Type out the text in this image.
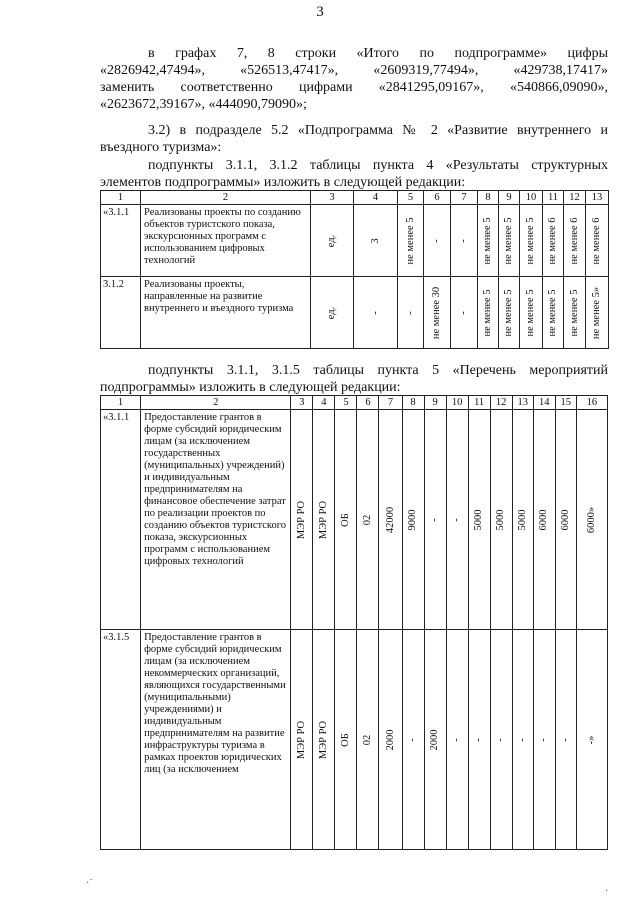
3
в графах 7, 8 строки «Итого по подпрограмме» цифры
«2826942,47494», «526513,47417», «2609319,77494», «429738,17417»
заменить соответственно цифрами «2841295,09167», «540866,09090»,
«2623672,39167», «444090,79090»;
3.2) в подразделе 5.2 «Подпрограмма № 2 «Развитие внутреннего и
въездного туризма»:
подпункты 3.1.1, 3.1.2 таблицы пункта 4 «Результаты структурных
элементов подпрограммы» изложить в следующей редакции:
1	2	3	4	5	6	7	8	9	10	11	12	13
«3.1.1	Реализованы проекты по созданию объектов туристского показа, экскурсионных программ с использованием цифровых технологий	ед.	3	не менее 5	-	-	не менее 5	не менее 5	не менее 5	не менее 6	не менее 6	не менее 6

3.1.2	Реализованы проекты, направленные на развитие внутреннего и въездного туризма	ед.	-	-	не менее 30	-	не менее 5	не менее 5	не менее 5	не менее 5	не менее 5	не менее 5»
подпункты 3.1.1, 3.1.5 таблицы пункта 5 «Перечень мероприятий
подпрограммы» изложить в следующей редакции:
1	2	3	4	5	6	7	8	9	10	11	12	13	14	15	16
«3.1.1	Предоставление грантов в форме субсидий юридическим лицам (за исключением государственных (муниципальных) учреждений) и индивидуальным предпринимателям на финансовое обеспечение затрат по реализации проектов по созданию объектов туристского показа, экскурсионных программ с использованием цифровых технологий	МЭР РО	МЭР РО	ОБ	02	42000	9000	-	-	5000	5000	5000	6000	6000	6000»

«3.1.5	Предоставление грантов в форме субсидий юридическим лицам (за исключением некоммерческих организаций, являющихся государственными (муниципальными) учреждениями) и индивидуальным предпринимателям на развитие инфраструктуры туризма в рамках проектов юридических лиц (за исключением	МЭР РО	МЭР РО	ОБ	02	2000	-	2000	-	-	-	-	-	-	-»
·˙
·
